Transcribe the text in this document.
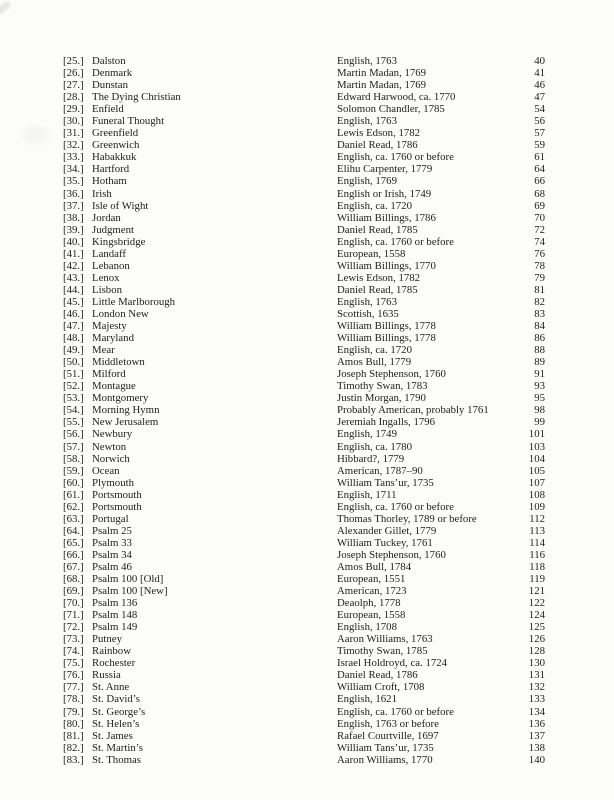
[25.] Dalston	English, 1763	40
[26.] Denmark	Martin Madan, 1769	41
[27.] Dunstan	Martin Madan, 1769	46
[28.] The Dying Christian	Edward Harwood, ca. 1770	47
[29.] Enfield	Solomon Chandler, 1785	54
[30.] Funeral Thought	English, 1763	56
[31.] Greenfield	Lewis Edson, 1782	57
[32.] Greenwich	Daniel Read, 1786	59
[33.] Habakkuk	English, ca. 1760 or before	61
[34.] Hartford	Elihu Carpenter, 1779	64
[35.] Hotham	English, 1769	66
[36.] Irish	English or Irish, 1749	68
[37.] Isle of Wight	English, ca. 1720	69
[38.] Jordan	William Billings, 1786	70
[39.] Judgment	Daniel Read, 1785	72
[40.] Kingsbridge	English, ca. 1760 or before	74
[41.] Landaff	European, 1558	76
[42.] Lebanon	William Billings, 1770	78
[43.] Lenox	Lewis Edson, 1782	79
[44.] Lisbon	Daniel Read, 1785	81
[45.] Little Marlborough	English, 1763	82
[46.] London New	Scottish, 1635	83
[47.] Majesty	William Billings, 1778	84
[48.] Maryland	William Billings, 1778	86
[49.] Mear	English, ca. 1720	88
[50.] Middletown	Amos Bull, 1779	89
[51.] Milford	Joseph Stephenson, 1760	91
[52.] Montague	Timothy Swan, 1783	93
[53.] Montgomery	Justin Morgan, 1790	95
[54.] Morning Hymn	Probably American, probably 1761	98
[55.] New Jerusalem	Jeremiah Ingalls, 1796	99
[56.] Newbury	English, 1749	101
[57.] Newton	English, ca. 1780	103
[58.] Norwich	Hibbard?, 1779	104
[59.] Ocean	American, 1787–90	105
[60.] Plymouth	William Tans’ur, 1735	107
[61.] Portsmouth	English, 1711	108
[62.] Portsmouth	English, ca. 1760 or before	109
[63.] Portugal	Thomas Thorley, 1789 or before	112
[64.] Psalm 25	Alexander Gillet, 1779	113
[65.] Psalm 33	William Tuckey, 1761	114
[66.] Psalm 34	Joseph Stephenson, 1760	116
[67.] Psalm 46	Amos Bull, 1784	118
[68.] Psalm 100 [Old]	European, 1551	119
[69.] Psalm 100 [New]	American, 1723	121
[70.] Psalm 136	Deaolph, 1778	122
[71.] Psalm 148	European, 1558	124
[72.] Psalm 149	English, 1708	125
[73.] Putney	Aaron Williams, 1763	126
[74.] Rainbow	Timothy Swan, 1785	128
[75.] Rochester	Israel Holdroyd, ca. 1724	130
[76.] Russia	Daniel Read, 1786	131
[77.] St. Anne	William Croft, 1708	132
[78.] St. David’s	English, 1621	133
[79.] St. George’s	English, ca. 1760 or before	134
[80.] St. Helen’s	English, 1763 or before	136
[81.] St. James	Rafael Courtville, 1697	137
[82.] St. Martin’s	William Tans’ur, 1735	138
[83.] St. Thomas	Aaron Williams, 1770	140
